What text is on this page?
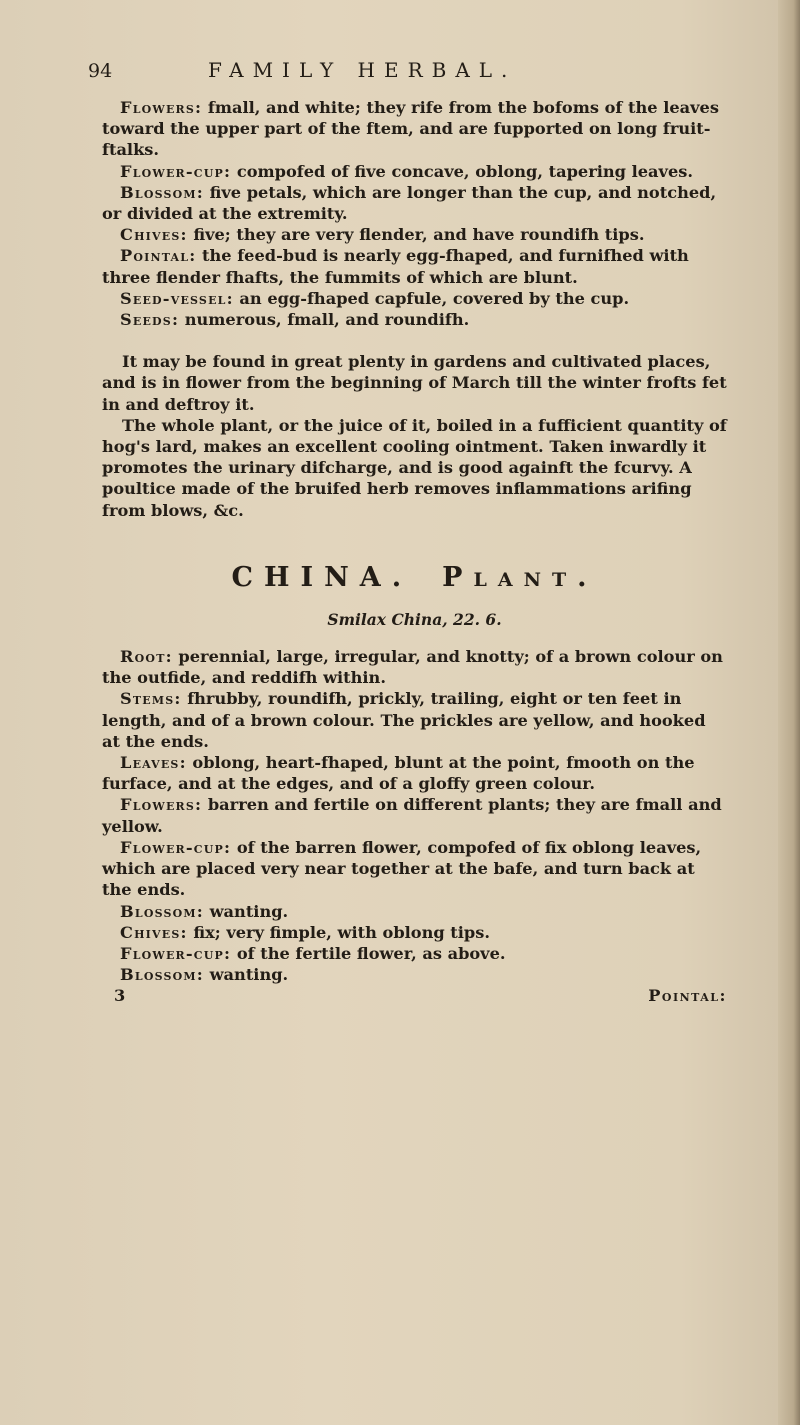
94	FAMILY HERBAL.

Flowers: fmall, and white; they rife from the bofoms of the leaves toward the upper part of the ftem, and are fupported on long fruit-ftalks.

Flower-cup: compofed of five concave, oblong, tapering leaves.

Blossom: five petals, which are longer than the cup, and notched, or divided at the extremity.

Chives: five; they are very flender, and have roundifh tips.

Pointal: the feed-bud is nearly egg-fhaped, and furnifhed with three flender fhafts, the fummits of which are blunt.

Seed-vessel: an egg-fhaped capfule, covered by the cup.

Seeds: numerous, fmall, and roundifh.

It may be found in great plenty in gardens and cultivated places, and is in flower from the beginning of March till the winter frofts fet in and deftroy it.

The whole plant, or the juice of it, boiled in a fufficient quantity of hog's lard, makes an excellent cooling ointment. Taken inwardly it promotes the urinary difcharge, and is good againft the fcurvy. A poultice made of the bruifed herb removes inflammations arifing from blows, &c.

CHINA. Plant.
Smilax China, 22. 6.

Root: perennial, large, irregular, and knotty; of a brown colour on the outfide, and reddifh within.

Stems: fhrubby, roundifh, prickly, trailing, eight or ten feet in length, and of a brown colour. The prickles are yellow, and hooked at the ends.

Leaves: oblong, heart-fhaped, blunt at the point, fmooth on the furface, and at the edges, and of a gloffy green colour.

Flowers: barren and fertile on different plants; they are fmall and yellow.

Flower-cup: of the barren flower, compofed of fix oblong leaves, which are placed very near together at the bafe, and turn back at the ends.

Blossom: wanting.

Chives: fix; very fimple, with oblong tips.

Flower-cup: of the fertile flower, as above.

Blossom: wanting.

3	Pointal:
